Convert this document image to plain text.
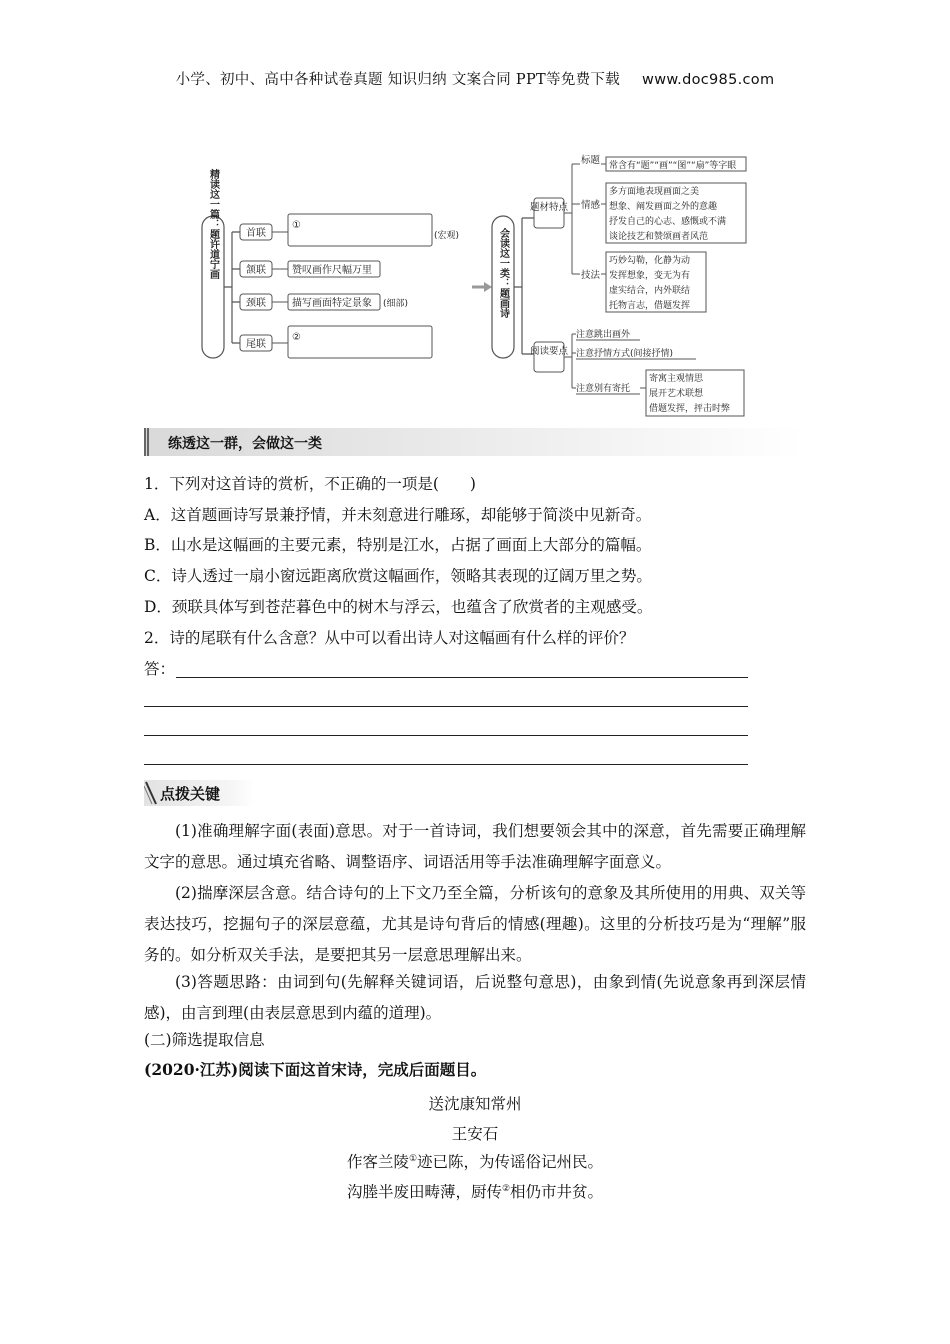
小学、初中、高中各种试卷真题 知识归纳 文案合同 PPT等免费下载 www.doc985.com
精读这一篇：题许道宁画	首联
①
(宏观)
颔联	赞叹画作尺幅万里
颈联	描写画面特定景象 (细部)
尾联
②
会读这一类：题画诗
题材特点
标题 常含有“题”“画”“图”“扇”等字眼
情感
多方面地表现画面之美
想象、阐发画面之外的意趣
抒发自己的心志、感慨或不满
谈论技艺和赞颂画者风范
技法
巧妙勾勒，化静为动
发挥想象，变无为有
虚实结合，内外联结
托物言志，借题发挥
阅读要点
注意跳出画外
注意抒情方式(间接抒情)
注意别有寄托
寄寓主观情思
展开艺术联想
借题发挥，抨击时弊
练透这一群，会做这一类
1．下列对这首诗的赏析，不正确的一项是(　　)
A．这首题画诗写景兼抒情，并未刻意进行雕琢，却能够于简淡中见新奇。
B．山水是这幅画的主要元素，特别是江水，占据了画面上大部分的篇幅。
C．诗人透过一扇小窗远距离欣赏这幅画作，领略其表现的辽阔万里之势。
D．颈联具体写到苍茫暮色中的树木与浮云，也蕴含了欣赏者的主观感受。
2．诗的尾联有什么含意？从中可以看出诗人对这幅画有什么样的评价？
答：
点拨关键
(1)准确理解字面(表面)意思。对于一首诗词，我们想要领会其中的深意，首先需要正确理解文字的意思。通过填充省略、调整语序、词语活用等手法准确理解字面意义。
(2)揣摩深层含意。结合诗句的上下文乃至全篇，分析该句的意象及其所使用的用典、双关等表达技巧，挖掘句子的深层意蕴，尤其是诗句背后的情感(理趣)。这里的分析技巧是为“理解”服务的。如分析双关手法，是要把其另一层意思理解出来。
(3)答题思路：由词到句(先解释关键词语，后说整句意思)，由象到情(先说意象再到深层情感)，由言到理(由表层意思到内蕴的道理)。
(二)筛选提取信息
(2020·江苏)阅读下面这首宋诗，完成后面题目。
送沈康知常州
王安石
作客兰陵①迹已陈，为传谣俗记州民。
沟塍半废田畴薄，厨传②相仍市井贫。
